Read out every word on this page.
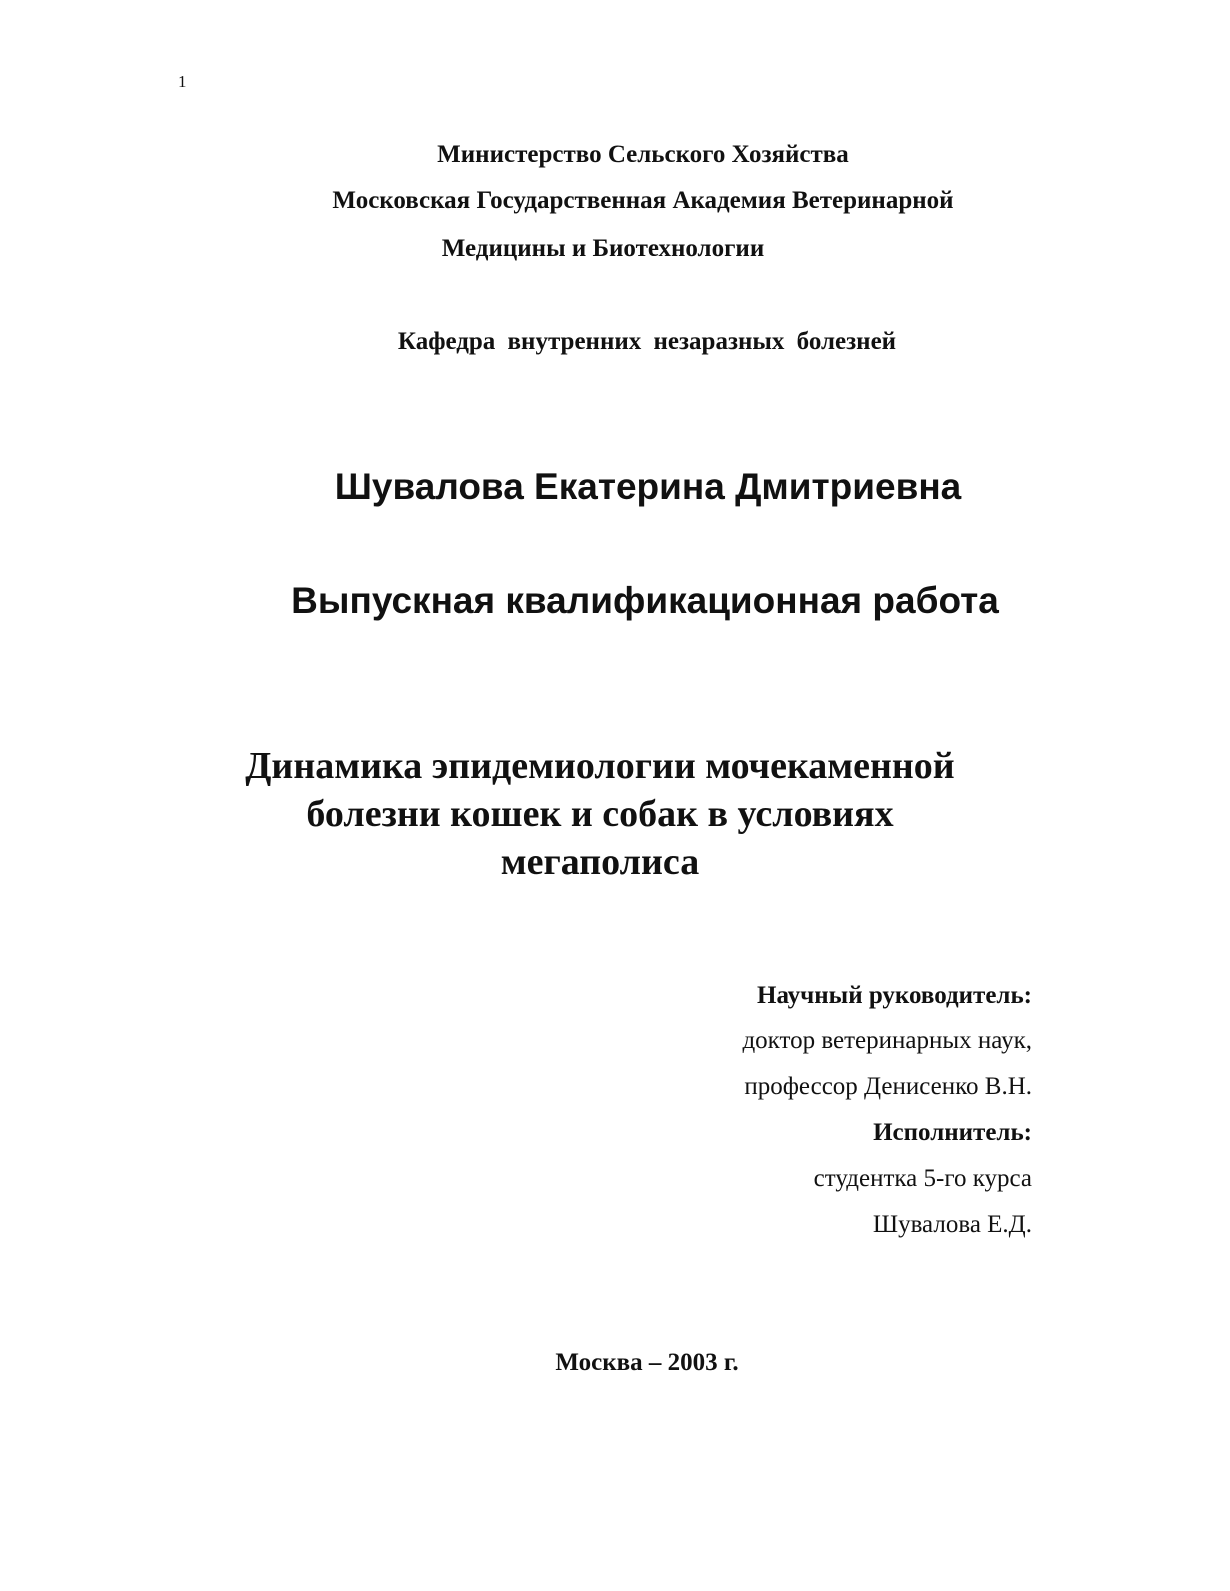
1
Министерство Сельского Хозяйства
Московская Государственная Академия Ветеринарной
Медицины и Биотехнологии
Кафедра внутренних незаразных болезней
Шувалова Екатерина Дмитриевна
Выпускная квалификационная работа
Динамика эпидемиологии мочекаменной
болезни кошек и собак в условиях
мегаполиса
Научный руководитель:
доктор ветеринарных наук,
профессор Денисенко В.Н.
Исполнитель:
студентка 5-го курса
Шувалова Е.Д.
Москва – 2003 г.
